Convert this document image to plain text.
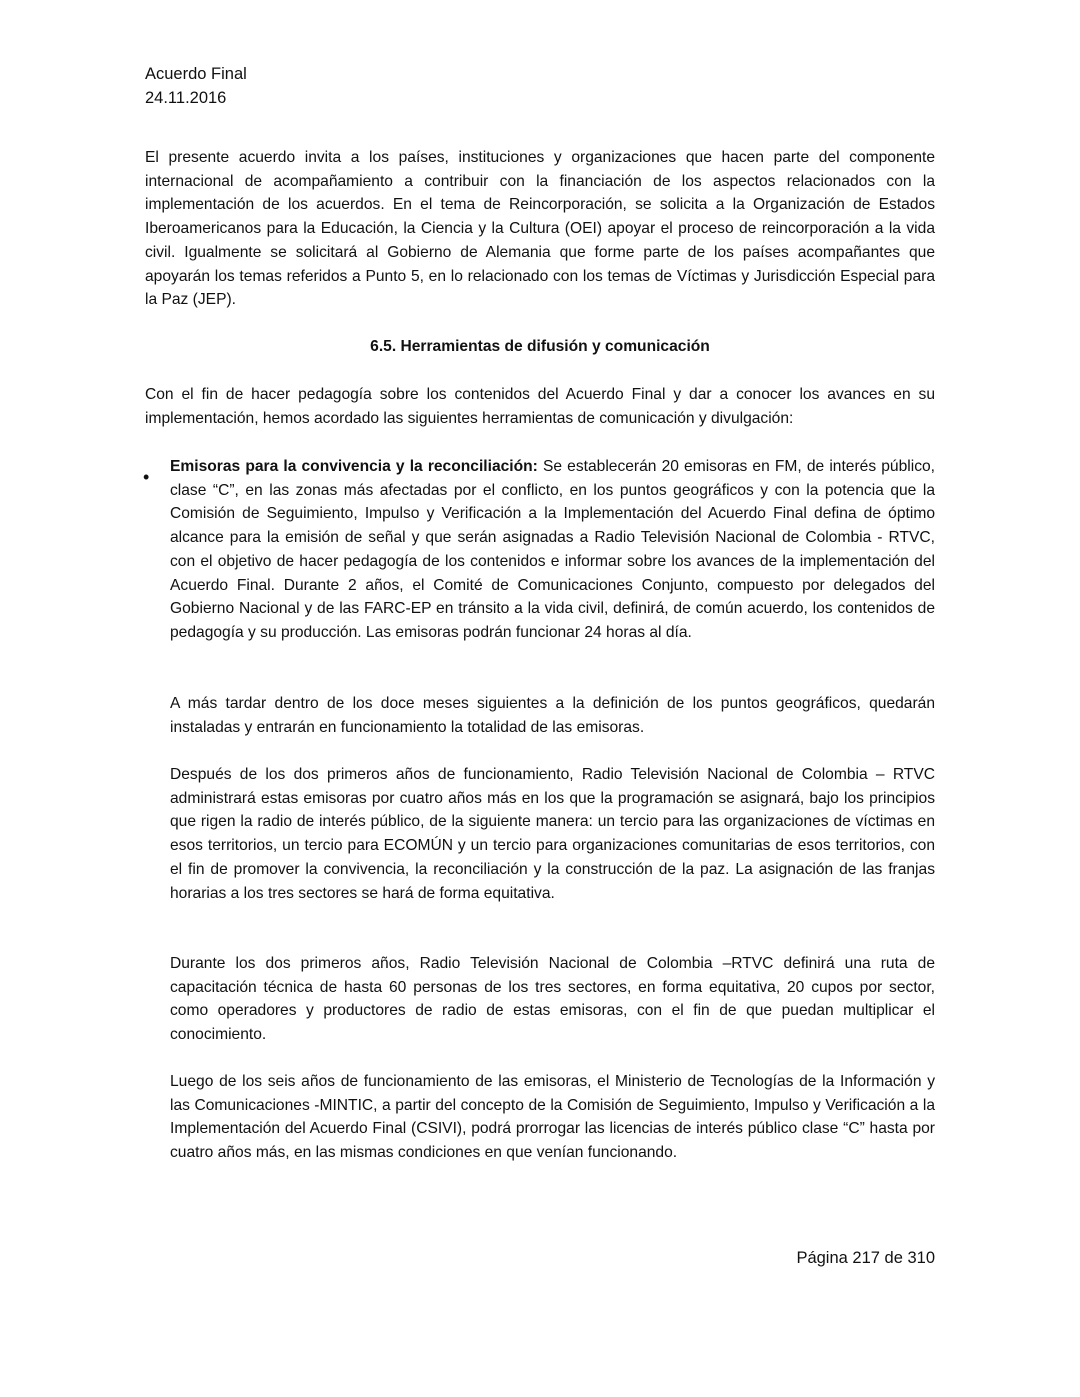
Acuerdo Final
24.11.2016

El presente acuerdo invita a los países, instituciones y organizaciones que hacen parte del componente internacional de acompañamiento a contribuir con la financiación de los aspectos relacionados con la implementación de los acuerdos. En el tema de Reincorporación, se solicita a la Organización de Estados Iberoamericanos para la Educación, la Ciencia y la Cultura (OEI) apoyar el proceso de reincorporación a la vida civil. Igualmente se solicitará al Gobierno de Alemania que forme parte de los países acompañantes que apoyarán los temas referidos a Punto 5, en lo relacionado con los temas de Víctimas y Jurisdicción Especial para la Paz (JEP).

6.5. Herramientas de difusión y comunicación

Con el fin de hacer pedagogía sobre los contenidos del Acuerdo Final y dar a conocer los avances en su implementación, hemos acordado las siguientes herramientas de comunicación y divulgación:

•

Emisoras para la convivencia y la reconciliación: Se establecerán 20 emisoras en FM, de interés público, clase “C”, en las zonas más afectadas por el conflicto, en los puntos geográficos y con la potencia que la Comisión de Seguimiento, Impulso y Verificación a la Implementación del Acuerdo Final defina de óptimo alcance para la emisión de señal y que serán asignadas a Radio Televisión Nacional de Colombia - RTVC, con el objetivo de hacer pedagogía de los contenidos e informar sobre los avances de la implementación del Acuerdo Final. Durante 2 años, el Comité de Comunicaciones Conjunto, compuesto por delegados del Gobierno Nacional y de las FARC-EP en tránsito a la vida civil, definirá, de común acuerdo, los contenidos de pedagogía y su producción. Las emisoras podrán funcionar 24 horas al día.

A más tardar dentro de los doce meses siguientes a la definición de los puntos geográficos, quedarán instaladas y entrarán en funcionamiento la totalidad de las emisoras.

Después de los dos primeros años de funcionamiento, Radio Televisión Nacional de Colombia – RTVC administrará estas emisoras por cuatro años más en los que la programación se asignará, bajo los principios que rigen la radio de interés público, de la siguiente manera: un tercio para las organizaciones de víctimas en esos territorios, un tercio para ECOMÚN y un tercio para organizaciones comunitarias de esos territorios, con el fin de promover la convivencia, la reconciliación y la construcción de la paz. La asignación de las franjas horarias a los tres sectores se hará de forma equitativa.

Durante los dos primeros años, Radio Televisión Nacional de Colombia –RTVC definirá una ruta de capacitación técnica de hasta 60 personas de los tres sectores, en forma equitativa, 20 cupos por sector, como operadores y productores de radio de estas emisoras, con el fin de que puedan multiplicar el conocimiento.

Luego de los seis años de funcionamiento de las emisoras, el Ministerio de Tecnologías de la Información y las Comunicaciones -MINTIC, a partir del concepto de la Comisión de Seguimiento, Impulso y Verificación a la Implementación del Acuerdo Final (CSIVI), podrá prorrogar las licencias de interés público clase “C” hasta por cuatro años más, en las mismas condiciones en que venían funcionando.

Página 217 de 310
